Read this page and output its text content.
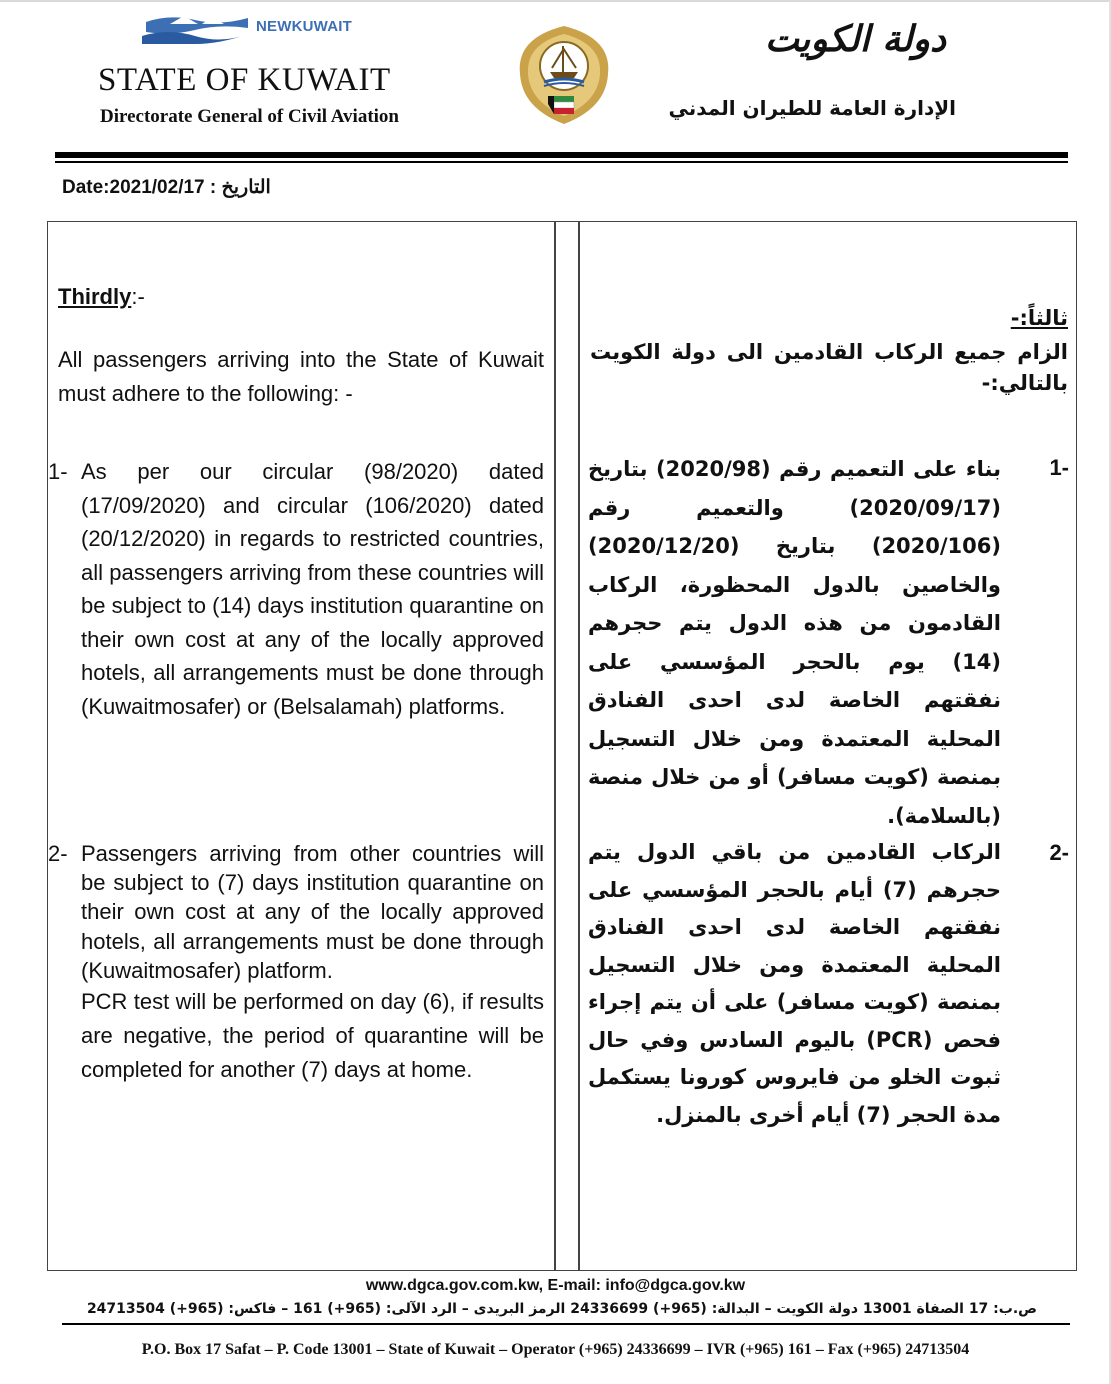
NEWKUWAIT
STATE OF KUWAIT
Directorate General of Civil Aviation
دولة الكويت
الإدارة العامة للطيران المدني
Date:2021/02/17 التاريخ :
Thirdly:-
All passengers arriving into the State of Kuwait must adhere to the following: -
1- As per our circular (98/2020) dated (17/09/2020) and circular (106/2020) dated (20/12/2020) in regards to restricted countries, all passengers arriving from these countries will be subject to (14) days institution quarantine on their own cost at any of the locally approved hotels, all arrangements must be done through (Kuwaitmosafer) or (Belsalamah) platforms.

2- Passengers arriving from other countries will be subject to (7) days institution quarantine on their own cost at any of the locally approved hotels, all arrangements must be done through (Kuwaitmosafer) platform.

PCR test will be performed on day (6), if results are negative, the period of quarantine will be completed for another (7) days at home.

ثالثاً:-
الزام جميع الركاب القادمين الى دولة الكويت بالتالي:-
1-
بناء على التعميم رقم (2020/98) بتاريخ (2020/09/17) والتعميم رقم (2020/106) بتاريخ (2020/12/20) والخاصين بالدول المحظورة، الركاب القادمون من هذه الدول يتم حجرهم (14) يوم بالحجر المؤسسي على نفقتهم الخاصة لدى احدى الفنادق المحلية المعتمدة ومن خلال التسجيل بمنصة (كويت مسافر) أو من خلال منصة (بالسلامة).
2-
الركاب القادمين من باقي الدول يتم حجرهم (7) أيام بالحجر المؤسسي على نفقتهم الخاصة لدى احدى الفنادق المحلية المعتمدة ومن خلال التسجيل بمنصة (كويت مسافر) على أن يتم إجراء فحص (PCR) باليوم السادس وفي حال ثبوت الخلو من فايروس كورونا يستكمل مدة الحجر (7) أيام أخرى بالمنزل.
www.dgca.gov.com.kw, E-mail: info@dgca.gov.kw
ص.ب: 17 الصفاة 13001 دولة الكويت – البدالة: (965+) 24336699 الرمز البريدى – الرد الآلى: (965+) 161 – فاكس: (965+) 24713504
P.O. Box 17 Safat – P. Code 13001 – State of Kuwait – Operator (+965) 24336699 – IVR (+965) 161 – Fax (+965) 24713504
